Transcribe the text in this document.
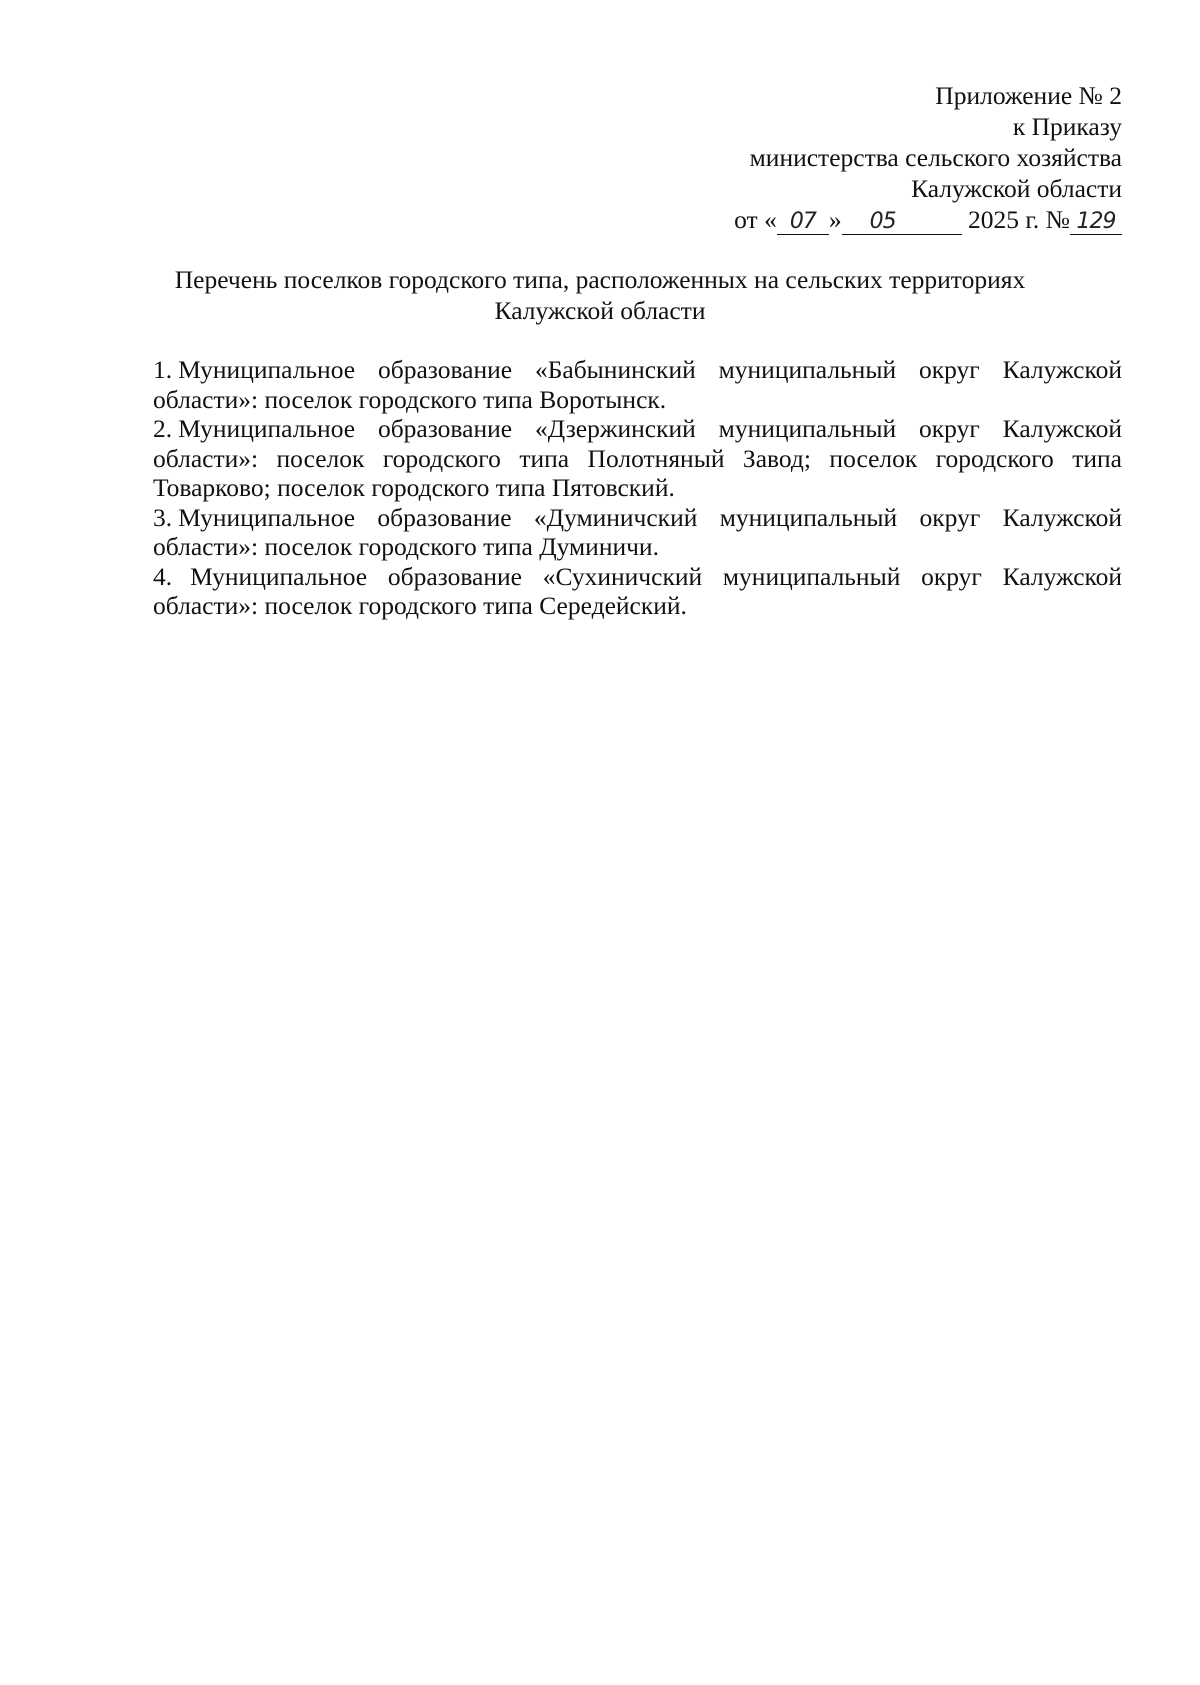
Приложение № 2
к Приказу
министерства сельского хозяйства
Калужской области
от « 07 » 05	2025 г. № 129
Перечень поселков городского типа, расположенных на сельских территориях
Калужской области

1. Муниципальное образование «Бабынинский муниципальный округ Калужской области»: поселок городского типа Воротынск.

2. Муниципальное образование «Дзержинский муниципальный округ Калужской области»: поселок городского типа Полотняный Завод; поселок городского типа Товарково; поселок городского типа Пятовский.

3. Муниципальное образование «Думиничский муниципальный округ Калужской области»: поселок городского типа Думиничи.

4. Муниципальное образование «Сухиничский муниципальный округ Калужской области»: поселок городского типа Середейский.
